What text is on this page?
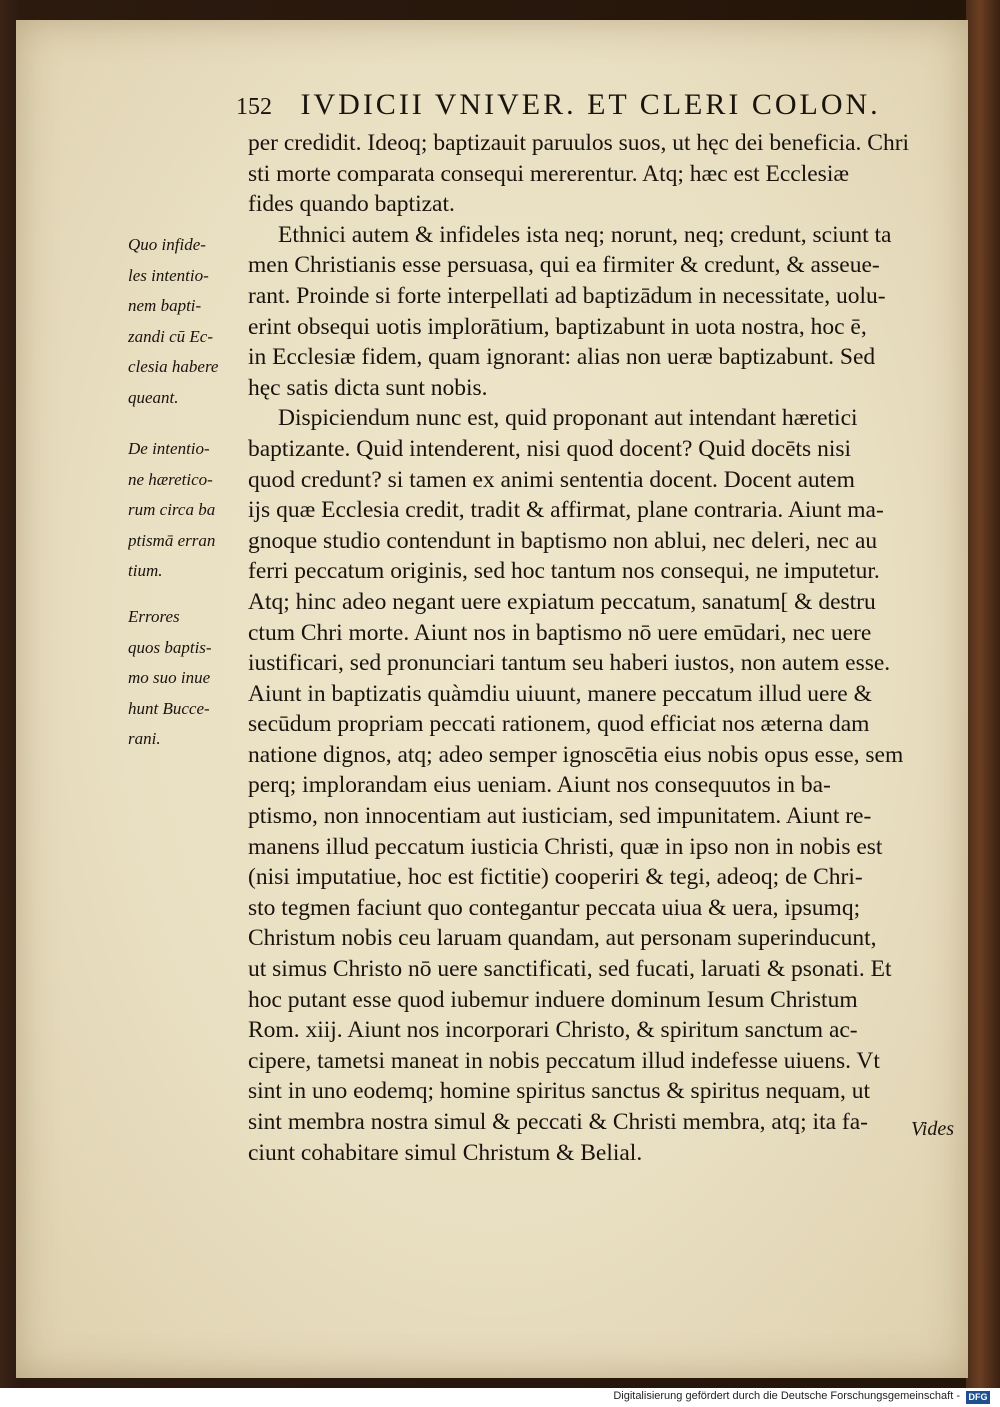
152 IVDICII VNIVER. ET CLERI COLON.
per credidit. Ideoq; baptizauit paruulos suos, ut hęc dei beneficia. Chri
sti morte comparata consequi mererentur. Atq; hæc est Ecclesiæ
fides quando baptizat.
Ethnici autem & infideles ista neq; norunt, neq; credunt, sciunt ta
men Christianis esse persuasa, qui ea firmiter & credunt, & asseue-
rant. Proinde si forte interpellati ad baptizādum in necessitate, uolu-
erint obsequi uotis implorātium, baptizabunt in uota nostra, hoc ē,
in Ecclesiæ fidem, quam ignorant: alias non ueræ baptizabunt. Sed
hęc satis dicta sunt nobis.
Dispiciendum nunc est, quid proponant aut intendant hæretici
baptizante. Quid intenderent, nisi quod docent? Quid docēts nisi
quod credunt? si tamen ex animi sententia docent. Docent autem
ijs quæ Ecclesia credit, tradit & affirmat, plane contraria. Aiunt ma-
gnoque studio contendunt in baptismo non ablui, nec deleri, nec au
ferri peccatum originis, sed hoc tantum nos consequi, ne imputetur.
Atq; hinc adeo negant uere expiatum peccatum, sanatum[ & destru
ctum Chri morte. Aiunt nos in baptismo nō uere emūdari, nec uere
iustificari, sed pronunciari tantum seu haberi iustos, non autem esse.
Aiunt in baptizatis quàmdiu uiuunt, manere peccatum illud uere &
secūdum propriam peccati rationem, quod efficiat nos æterna dam
natione dignos, atq; adeo semper ignoscētia eius nobis opus esse, sem
perq; implorandam eius ueniam. Aiunt nos consequutos in ba-
ptismo, non innocentiam aut iusticiam, sed impunitatem. Aiunt re-
manens illud peccatum iusticia Christi, quæ in ipso non in nobis est
(nisi imputatiue, hoc est fictitie) cooperiri & tegi, adeoq; de Chri-
sto tegmen faciunt quo contegantur peccata uiua & uera, ipsumq;
Christum nobis ceu laruam quandam, aut personam superinducunt,
ut simus Christo nō uere sanctificati, sed fucati, laruati & psonati. Et
hoc putant esse quod iubemur induere dominum Iesum Christum
Rom. xiij. Aiunt nos incorporari Christo, & spiritum sanctum ac-
cipere, tametsi maneat in nobis peccatum illud indefesse uiuens. Vt
sint in uno eodemq; homine spiritus sanctus & spiritus nequam, ut
sint membra nostra simul & peccati & Christi membra, atq; ita fa-
ciunt cohabitare simul Christum & Belial.
Quo infide-
les intentio-
nem bapti-
zandi cū Ec-
clesia habere
queant.
De intentio-
ne hæretico-
rum circa ba
ptismā erran
tium.
Errores
quos baptis-
mo suo inue
hunt Bucce-
rani.
Vides
Digitalisierung gefördert durch die Deutsche Forschungsgemeinschaft - DFG
